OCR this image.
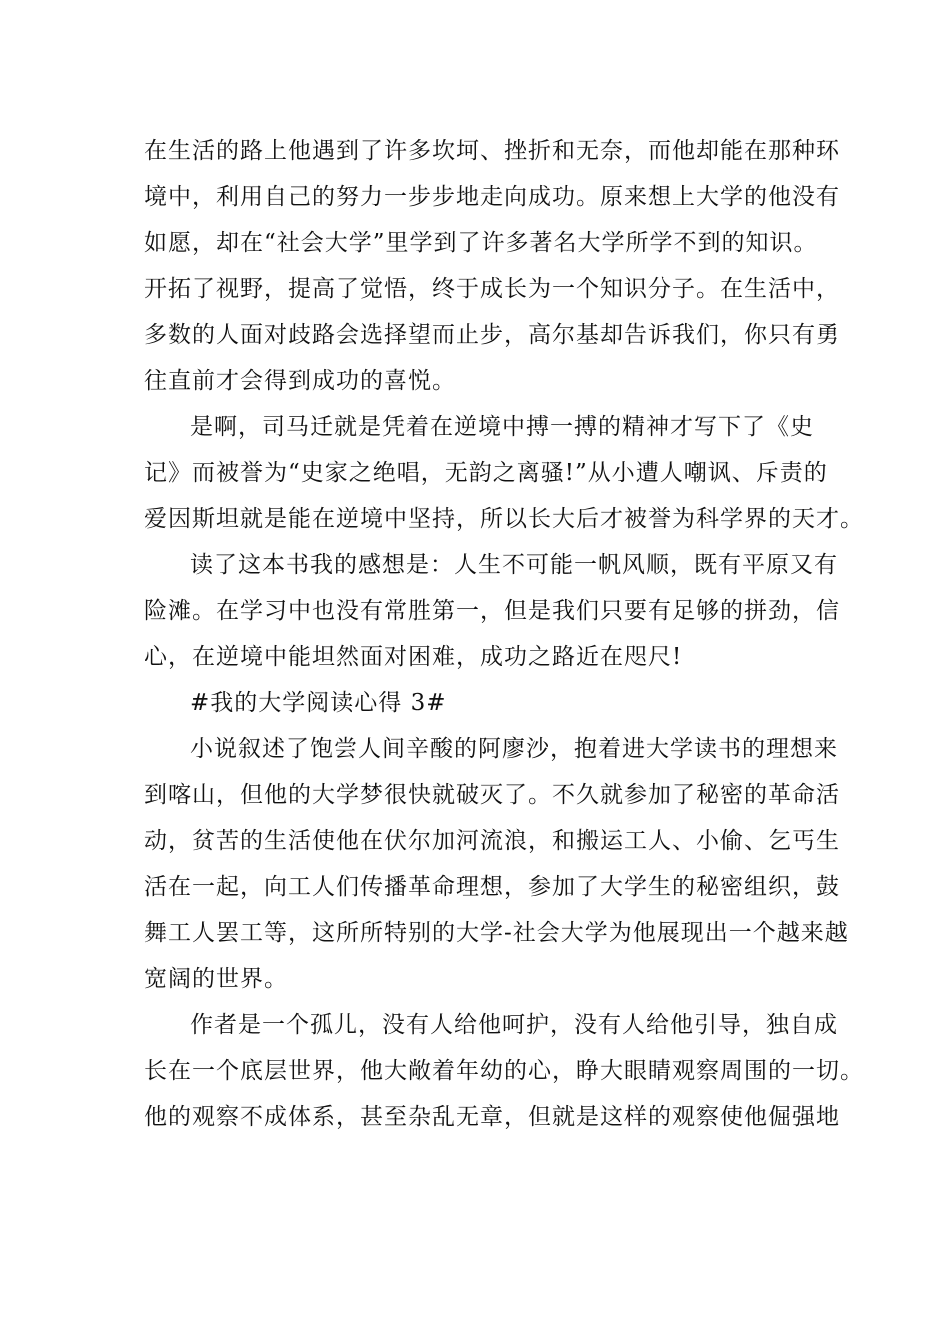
在生活的路上他遇到了许多坎坷、挫折和无奈，而他却能在那种环
境中，利用自己的努力一步步地走向成功。原来想上大学的他没有
如愿，却在“社会大学”里学到了许多著名大学所学不到的知识。
开拓了视野，提高了觉悟，终于成长为一个知识分子。在生活中，
多数的人面对歧路会选择望而止步，高尔基却告诉我们，你只有勇
往直前才会得到成功的喜悦。
是啊，司马迁就是凭着在逆境中搏一搏的精神才写下了《史
记》而被誉为“史家之绝唱，无韵之离骚!”从小遭人嘲讽、斥责的
爱因斯坦就是能在逆境中坚持，所以长大后才被誉为科学界的天才。
读了这本书我的感想是：人生不可能一帆风顺，既有平原又有
险滩。在学习中也没有常胜第一，但是我们只要有足够的拼劲，信
心，在逆境中能坦然面对困难，成功之路近在咫尺!
#我的大学阅读心得 3#
小说叙述了饱尝人间辛酸的阿廖沙，抱着进大学读书的理想来
到喀山，但他的大学梦很快就破灭了。不久就参加了秘密的革命活
动，贫苦的生活使他在伏尔加河流浪，和搬运工人、小偷、乞丐生
活在一起，向工人们传播革命理想，参加了大学生的秘密组织，鼓
舞工人罢工等，这所所特别的大学-社会大学为他展现出一个越来越
宽阔的世界。
作者是一个孤儿，没有人给他呵护，没有人给他引导，独自成
长在一个底层世界，他大敞着年幼的心，睁大眼睛观察周围的一切。
他的观察不成体系，甚至杂乱无章，但就是这样的观察使他倔强地
